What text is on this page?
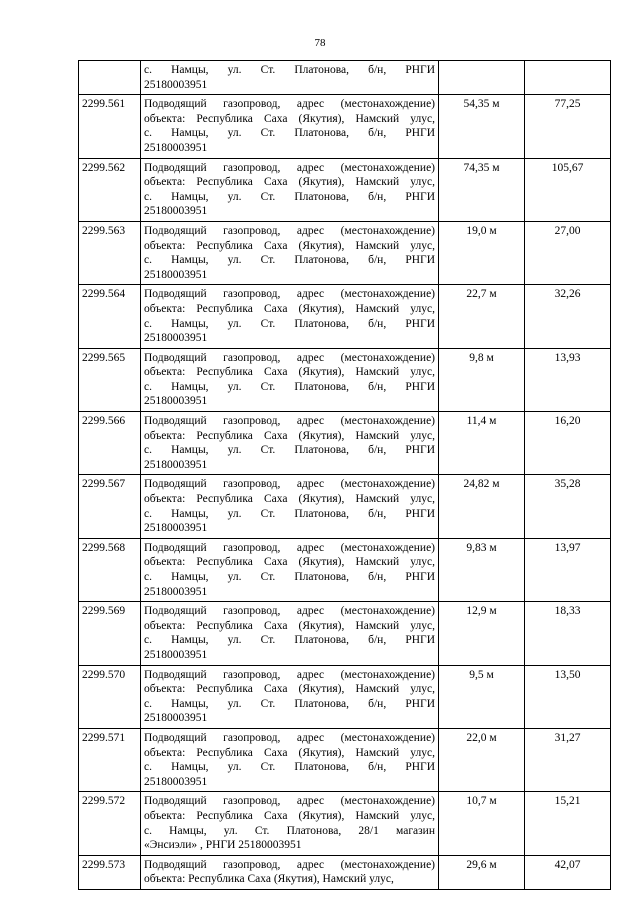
78

	с. Намцы, ул. Ст. Платонова, б/н, РНГИ
25180003951		

2299.561	Подводящий газопровод, адрес (местонахождение)
объекта: Республика Саха (Якутия), Намский улус,
с. Намцы, ул. Ст. Платонова, б/н, РНГИ
25180003951	54,35 м	77,25
2299.562	Подводящий газопровод, адрес (местонахождение)
объекта: Республика Саха (Якутия), Намский улус,
с. Намцы, ул. Ст. Платонова, б/н, РНГИ
25180003951	74,35 м	105,67
2299.563	Подводящий газопровод, адрес (местонахождение)
объекта: Республика Саха (Якутия), Намский улус,
с. Намцы, ул. Ст. Платонова, б/н, РНГИ
25180003951	19,0 м	27,00
2299.564	Подводящий газопровод, адрес (местонахождение)
объекта: Республика Саха (Якутия), Намский улус,
с. Намцы, ул. Ст. Платонова, б/н, РНГИ
25180003951	22,7 м	32,26
2299.565	Подводящий газопровод, адрес (местонахождение)
объекта: Республика Саха (Якутия), Намский улус,
с. Намцы, ул. Ст. Платонова, б/н, РНГИ
25180003951	9,8 м	13,93
2299.566	Подводящий газопровод, адрес (местонахождение)
объекта: Республика Саха (Якутия), Намский улус,
с. Намцы, ул. Ст. Платонова, б/н, РНГИ
25180003951	11,4 м	16,20
2299.567	Подводящий газопровод, адрес (местонахождение)
объекта: Республика Саха (Якутия), Намский улус,
с. Намцы, ул. Ст. Платонова, б/н, РНГИ
25180003951	24,82 м	35,28
2299.568	Подводящий газопровод, адрес (местонахождение)
объекта: Республика Саха (Якутия), Намский улус,
с. Намцы, ул. Ст. Платонова, б/н, РНГИ
25180003951	9,83 м	13,97
2299.569	Подводящий газопровод, адрес (местонахождение)
объекта: Республика Саха (Якутия), Намский улус,
с. Намцы, ул. Ст. Платонова, б/н, РНГИ
25180003951	12,9 м	18,33
2299.570	Подводящий газопровод, адрес (местонахождение)
объекта: Республика Саха (Якутия), Намский улус,
с. Намцы, ул. Ст. Платонова, б/н, РНГИ
25180003951	9,5 м	13,50
2299.571	Подводящий газопровод, адрес (местонахождение)
объекта: Республика Саха (Якутия), Намский улус,
с. Намцы, ул. Ст. Платонова, б/н, РНГИ
25180003951	22,0 м	31,27
2299.572	Подводящий газопровод, адрес (местонахождение)
объекта: Республика Саха (Якутия), Намский улус,
с. Намцы, ул. Ст. Платонова, 28/1 магазин
«Энсиэли» , РНГИ 25180003951	10,7 м	15,21
2299.573	Подводящий газопровод, адрес (местонахождение)
объекта: Республика Саха (Якутия), Намский улус,	29,6 м	42,07
